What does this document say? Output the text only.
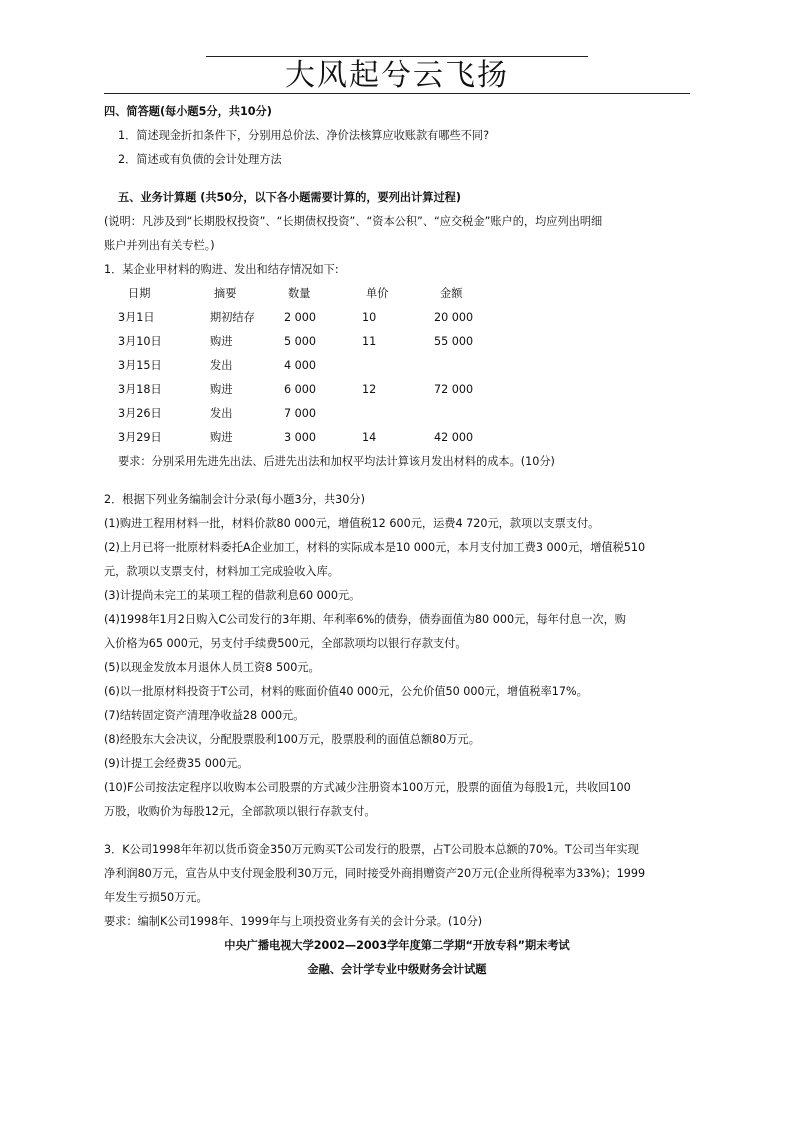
大风起兮云飞扬
四、简答题(每小题5分，共10分)
1．简述现金折扣条件下，分别用总价法、净价法核算应收账款有哪些不同?
2．简述或有负债的会计处理方法
五、业务计算题 (共50分，以下各小题需要计算的，要列出计算过程)
(说明：凡涉及到“长期股权投资”、“长期债权投资”、“资本公积”、“应交税金”账户的，均应列出明细
账户并列出有关专栏。)
1．某企业甲材料的购进、发出和结存情况如下:
日期	摘要	数量	单价	金额
3月1日	期初结存	2 000	10	20 000
3月10日	购进	5 000	11	55 000
3月15日	发出	4 000		
3月18日	购进	6 000	12	72 000
3月26日	发出	7 000		
3月29日	购进	3 000	14	42 000
要求：分别采用先进先出法、后进先出法和加权平均法计算该月发出材料的成本。(10分)
2．根据下列业务编制会计分录(每小题3分，共30分)
(1)购进工程用材料一批，材料价款80 000元，增值税12 600元，运费4 720元，款项以支票支付。
(2)上月已将一批原材料委托A企业加工，材料的实际成本是10 000元，本月支付加工费3 000元，增值税510
元，款项以支票支付，材料加工完成验收入库。
(3)计提尚未完工的某项工程的借款利息60 000元。
(4)1998年1月2日购入C公司发行的3年期、年利率6%的债券，债券面值为80 000元，每年付息一次，购
入价格为65 000元，另支付手续费500元，全部款项均以银行存款支付。
(5)以现金发放本月退休人员工资8 500元。
(6)以一批原材料投资于T公司，材料的账面价值40 000元，公允价值50 000元，增值税率17%。
(7)结转固定资产清理净收益28 000元。
(8)经股东大会决议，分配股票股利100万元，股票股利的面值总额80万元。
(9)计提工会经费35 000元。
(10)F公司按法定程序以收购本公司股票的方式减少注册资本100万元，股票的面值为每股1元，共收回100
万股，收购价为每股12元，全部款项以银行存款支付。
3．K公司1998年年初以货币资金350万元购买T公司发行的股票，占T公司股本总额的70%。T公司当年实现
净利润80万元，宣告从中支付现金股利30万元，同时接受外商捐赠资产20万元(企业所得税率为33%)；1999
年发生亏损50万元。
要求：编制K公司1998年、1999年与上项投资业务有关的会计分录。(10分)
中央广播电视大学2002—2003学年度第二学期“开放专科”期末考试
金融、会计学专业中级财务会计试题
